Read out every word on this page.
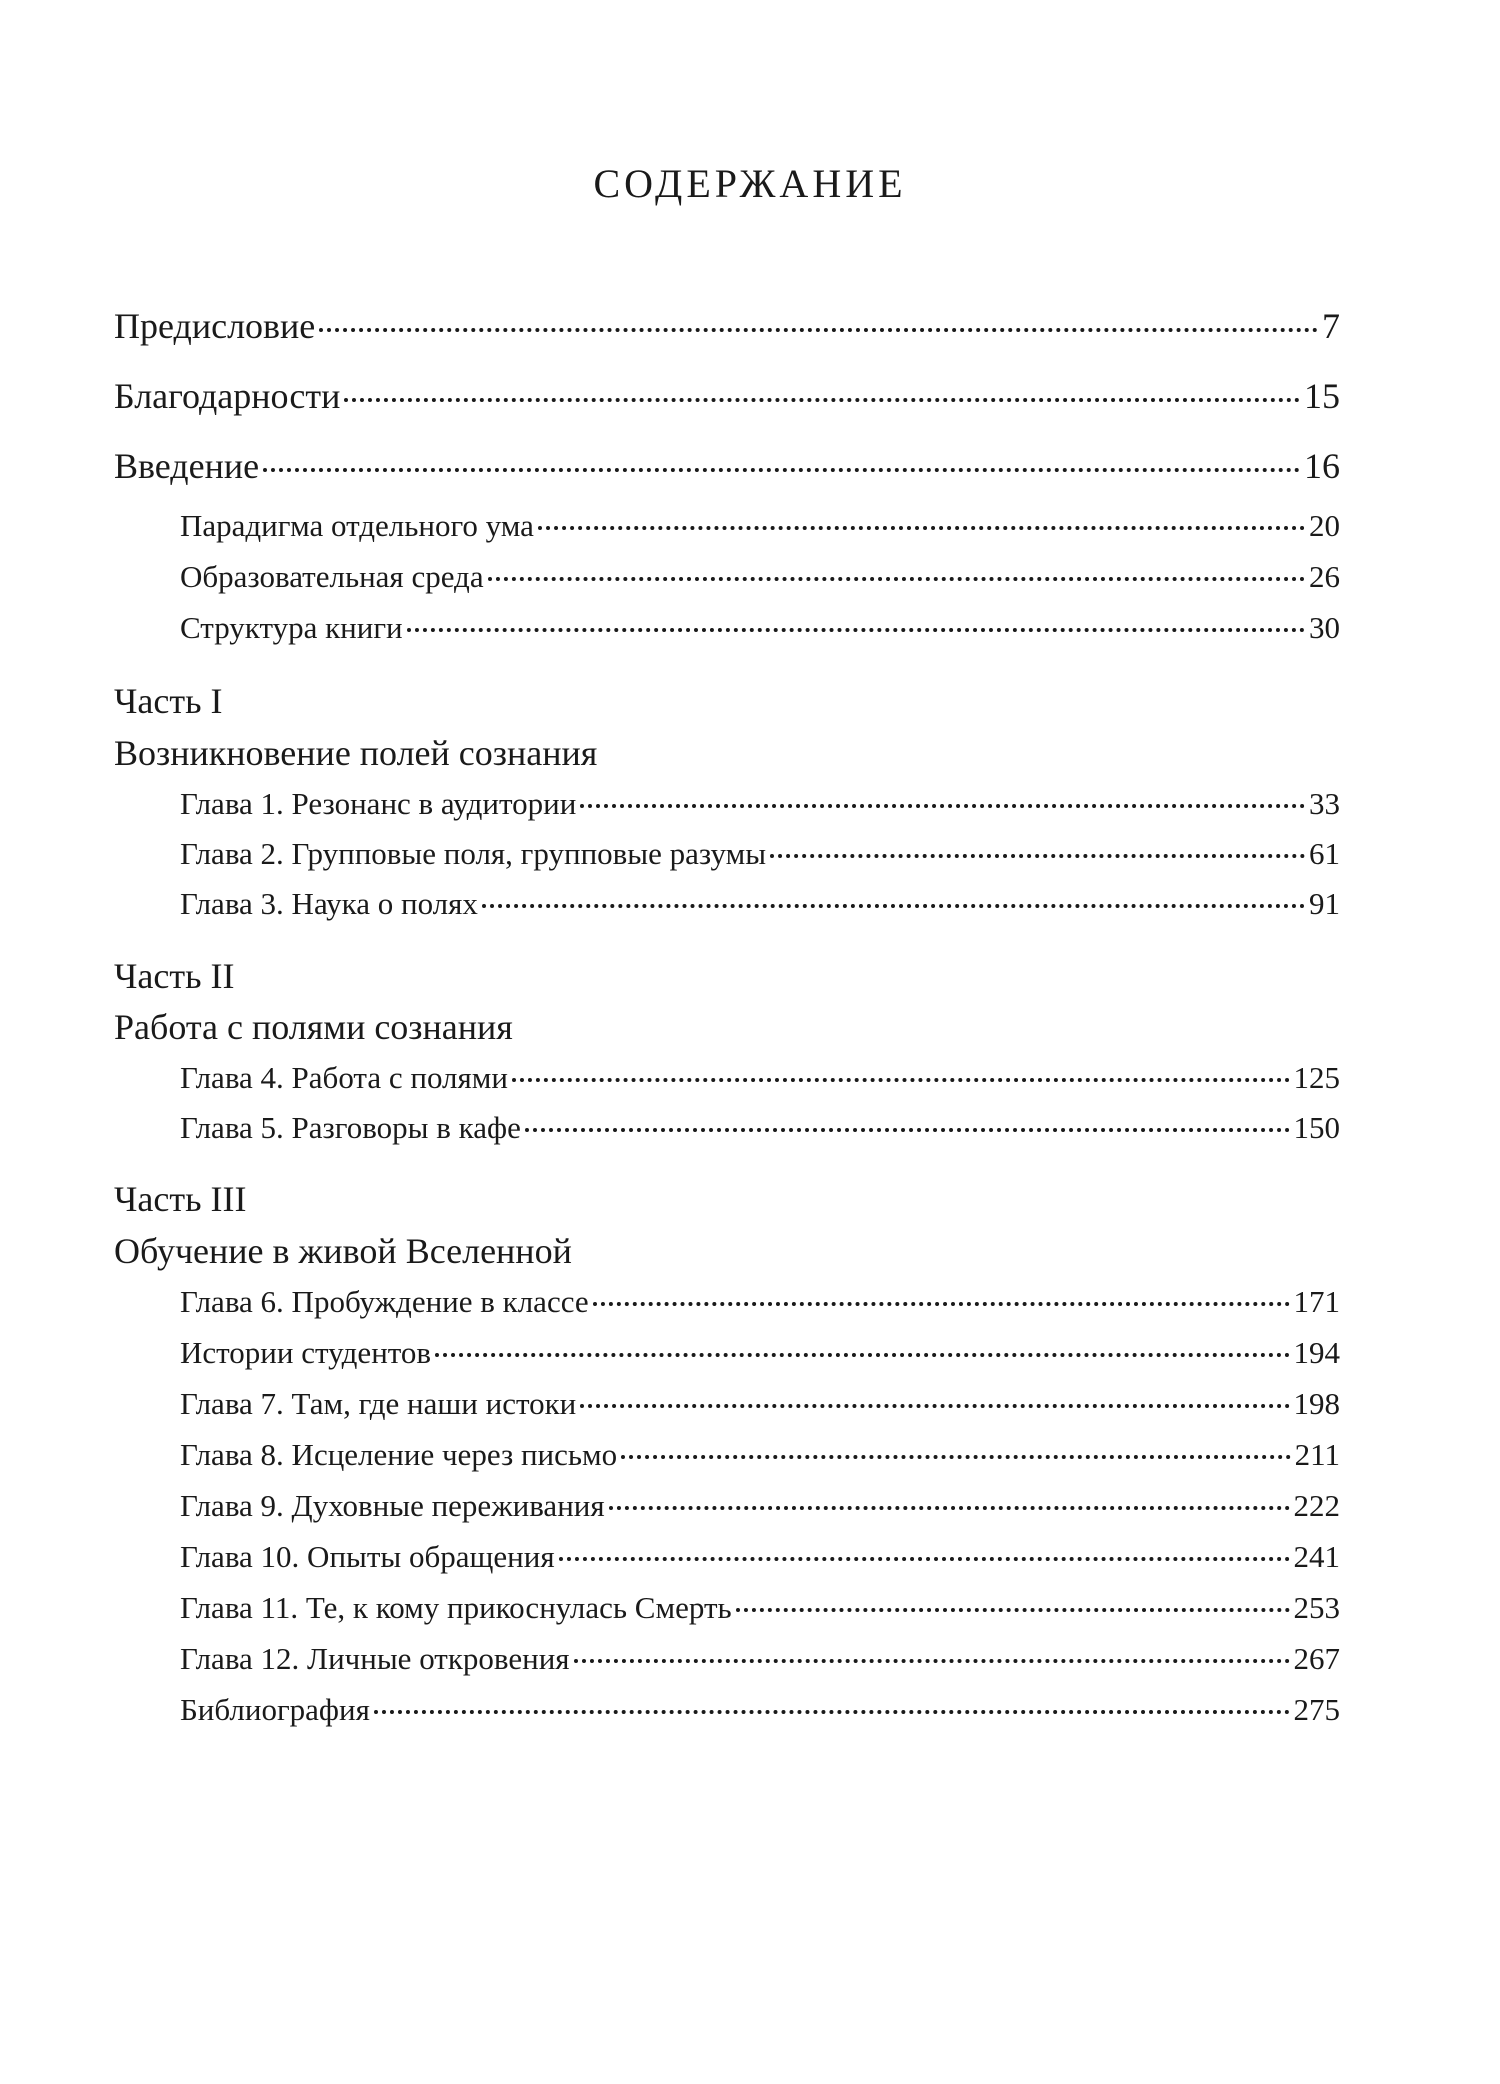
СОДЕРЖАНИЕ
Предисловие	7
Благодарности	15
Введение	16
Парадигма отдельного ума	20
Образовательная среда	26
Структура книги	30
Часть I
Возникновение полей сознания
Глава 1. Резонанс в аудитории	33
Глава 2. Групповые поля, групповые разумы	61
Глава 3. Наука о полях	91
Часть II
Работа с полями сознания
Глава 4. Работа с полями	125
Глава 5. Разговоры в кафе	150
Часть III
Обучение в живой Вселенной
Глава 6. Пробуждение в классе	171
Истории студентов	194
Глава 7. Там, где наши истоки	198
Глава 8. Исцеление через письмо	211
Глава 9. Духовные переживания	222
Глава 10. Опыты обращения	241
Глава 11. Те, к кому прикоснулась Смерть	253
Глава 12. Личные откровения	267
Библиография	275
